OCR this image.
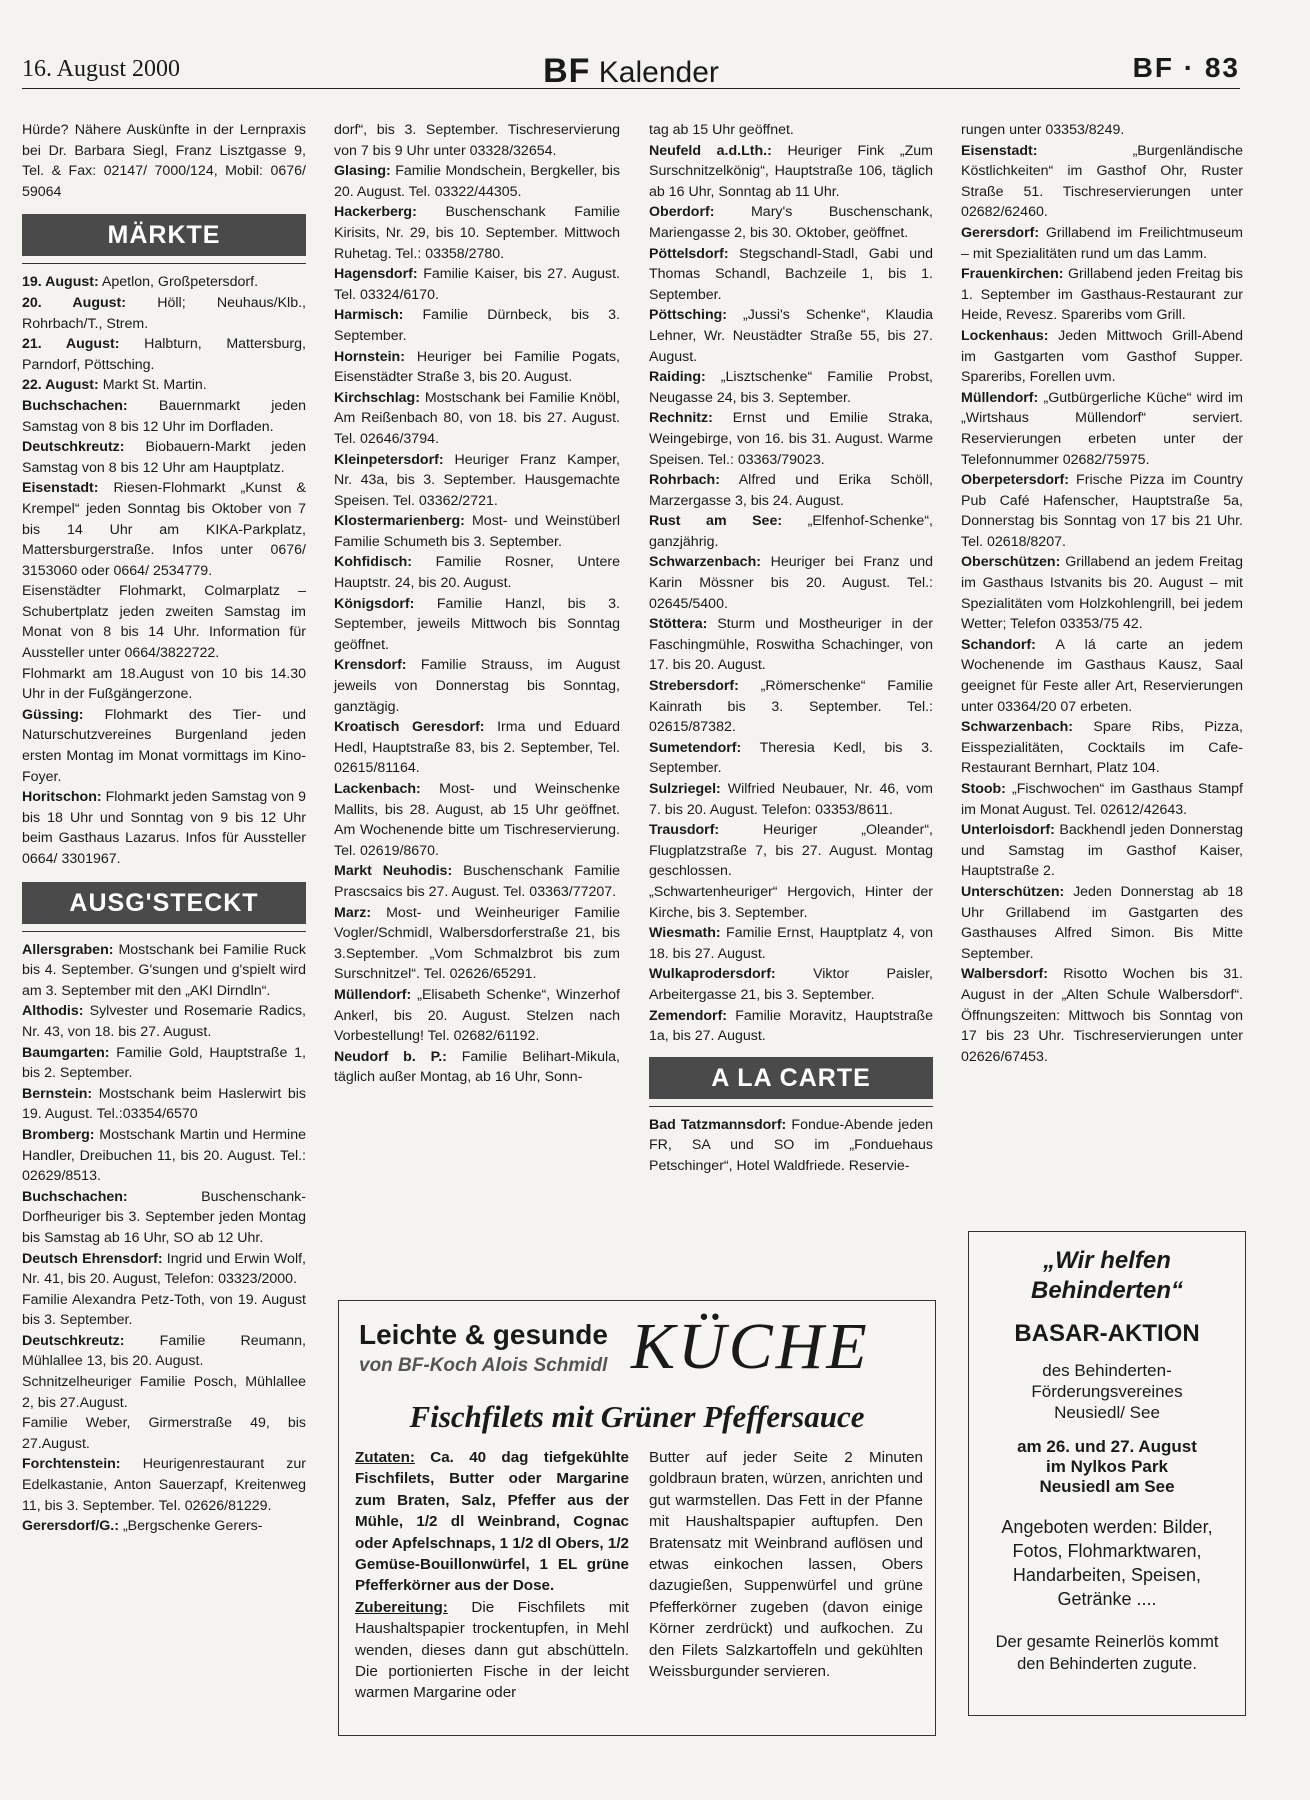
16. August 2000	BF Kalender	BF · 83

Hürde? Nähere Auskünfte in der Lernpraxis bei Dr. Barbara Siegl, Franz Lisztgasse 9, Tel. & Fax: 02147/ 7000/124, Mobil: 0676/ 59064

MÄRKTE

19. August: Apetlon, Großpetersdorf.

20. August: Höll; Neuhaus/Klb., Rohrbach/T., Strem.

21. August: Halbturn, Mattersburg, Parndorf, Pöttsching.

22. August: Markt St. Martin.

Buchschachen: Bauernmarkt jeden Samstag von 8 bis 12 Uhr im Dorfladen.

Deutschkreutz: Biobauern-Markt jeden Samstag von 8 bis 12 Uhr am Hauptplatz.

Eisenstadt: Riesen-Flohmarkt „Kunst & Krempel“ jeden Sonntag bis Oktober von 7 bis 14 Uhr am KIKA-Parkplatz, Mattersburgerstraße. Infos unter 0676/ 3153060 oder 0664/ 2534779.

Eisenstädter Flohmarkt, Colmarplatz – Schubertplatz jeden zweiten Samstag im Monat von 8 bis 14 Uhr. Information für Aussteller unter 0664/3822722.

Flohmarkt am 18.August von 10 bis 14.30 Uhr in der Fußgängerzone.

Güssing: Flohmarkt des Tier- und Naturschutzvereines Burgenland jeden ersten Montag im Monat vormittags im Kino-Foyer.

Horitschon: Flohmarkt jeden Samstag von 9 bis 18 Uhr und Sonntag von 9 bis 12 Uhr beim Gasthaus Lazarus. Infos für Aussteller 0664/ 3301967.

AUSG'STECKT

Allersgraben: Mostschank bei Familie Ruck bis 4. September. G'sungen und g'spielt wird am 3. September mit den „AKI Dirndln“.

Althodis: Sylvester und Rosemarie Radics, Nr. 43, von 18. bis 27. August.

Baumgarten: Familie Gold, Hauptstraße 1, bis 2. September.

Bernstein: Mostschank beim Haslerwirt bis 19. August. Tel.:03354/6570

Bromberg: Mostschank Martin und Hermine Handler, Dreibuchen 11, bis 20. August. Tel.: 02629/8513.

Buchschachen:	Buschenschank-Dorfheuriger bis 3. September jeden Montag bis Samstag ab 16 Uhr, SO ab 12 Uhr.

Deutsch Ehrensdorf: Ingrid und Erwin Wolf, Nr. 41, bis 20. August, Telefon: 03323/2000.

Familie Alexandra Petz-Toth, von 19. August bis 3. September.

Deutschkreutz: Familie Reumann, Mühlallee 13, bis 20. August.

Schnitzelheuriger Familie Posch, Mühlallee 2, bis 27.August.

Familie Weber, Girmerstraße 49, bis 27.August.

Forchtenstein: Heurigenrestaurant zur Edelkastanie, Anton Sauerzapf, Kreitenweg 11, bis 3. September. Tel. 02626/81229.

Gerersdorf/G.: „Bergschenke Gerers-

dorf“, bis 3. September. Tischreservierung von 7 bis 9 Uhr unter 03328/32654.

Glasing: Familie Mondschein, Bergkeller, bis 20. August. Tel. 03322/44305.

Hackerberg: Buschenschank Familie Kirisits, Nr. 29, bis 10. September. Mittwoch Ruhetag. Tel.: 03358/2780.

Hagensdorf: Familie Kaiser, bis 27. August. Tel. 03324/6170.

Harmisch: Familie Dürnbeck, bis 3. September.

Hornstein: Heuriger bei Familie Pogats, Eisenstädter Straße 3, bis 20. August.

Kirchschlag: Mostschank bei Familie Knöbl, Am Reißenbach 80, von 18. bis 27. August. Tel. 02646/3794.

Kleinpetersdorf: Heuriger Franz Kamper, Nr. 43a, bis 3. September. Hausgemachte Speisen. Tel. 03362/2721.

Klostermarienberg: Most- und Weinstüberl Familie Schumeth bis 3. September.

Kohfidisch: Familie Rosner, Untere Hauptstr. 24, bis 20. August.

Königsdorf: Familie Hanzl, bis 3. September, jeweils Mittwoch bis Sonntag geöffnet.

Krensdorf: Familie Strauss, im August jeweils von Donnerstag bis Sonntag, ganztägig.

Kroatisch Geresdorf: Irma und Eduard Hedl, Hauptstraße 83, bis 2. September, Tel. 02615/81164.

Lackenbach: Most- und Weinschenke Mallits, bis 28. August, ab 15 Uhr geöffnet. Am Wochenende bitte um Tischreservierung. Tel. 02619/8670.

Markt Neuhodis: Buschenschank Familie Prascsaics bis 27. August. Tel. 03363/77207.

Marz: Most- und Weinheuriger Familie Vogler/Schmidl, Walbersdorferstraße 21, bis 3.September. „Vom Schmalzbrot bis zum Surschnitzel“. Tel. 02626/65291.

Müllendorf: „Elisabeth Schenke“, Winzerhof Ankerl, bis 20. August. Stelzen nach Vorbestellung! Tel. 02682/61192.

Neudorf b. P.: Familie Belihart-Mikula, täglich außer Montag, ab 16 Uhr, Sonn-

tag ab 15 Uhr geöffnet.

Neufeld a.d.Lth.: Heuriger Fink „Zum Surschnitzelkönig“, Hauptstraße 106, täglich ab 16 Uhr, Sonntag ab 11 Uhr.

Oberdorf:	Mary's Buschenschank, Mariengasse 2, bis 30. Oktober, geöffnet.

Pöttelsdorf: Stegschandl-Stadl, Gabi und Thomas Schandl, Bachzeile 1, bis 1. September.

Pöttsching: „Jussi's Schenke“, Klaudia Lehner, Wr. Neustädter Straße 55, bis 27. August.

Raiding: „Lisztschenke“ Familie Probst, Neugasse 24, bis 3. September.

Rechnitz: Ernst und Emilie Straka, Weingebirge, von 16. bis 31. August. Warme Speisen. Tel.: 03363/79023.

Rohrbach: Alfred und Erika Schöll, Marzergasse 3, bis 24. August.

Rust am See: „Elfenhof-Schenke“, ganzjährig.

Schwarzenbach: Heuriger bei Franz und Karin Mössner bis 20. August. Tel.: 02645/5400.

Stöttera: Sturm und Mostheuriger in der Faschingmühle, Roswitha Schachinger, von 17. bis 20. August.

Strebersdorf: „Römerschenke“ Familie Kainrath bis 3. September. Tel.: 02615/87382.

Sumetendorf: Theresia Kedl, bis 3. September.

Sulzriegel: Wilfried Neubauer, Nr. 46, vom 7. bis 20. August. Telefon: 03353/8611.

Trausdorf:	Heuriger „Oleander“, Flugplatzstraße 7, bis 27. August. Montag geschlossen.

„Schwartenheuriger“ Hergovich, Hinter der Kirche, bis 3. September.

Wiesmath: Familie Ernst, Hauptplatz 4, von 18. bis 27. August.

Wulkaprodersdorf:	Viktor Paisler, Arbeitergasse 21, bis 3. September.

Zemendorf: Familie Moravitz, Hauptstraße 1a, bis 27. August.

A LA CARTE

Bad Tatzmannsdorf: Fondue-Abende jeden FR, SA und SO im „Fonduehaus Petschinger“, Hotel Waldfriede. Reservie-

rungen unter 03353/8249.

Eisenstadt:	„Burgenländische Köstlichkeiten“ im Gasthof Ohr, Ruster Straße 51. Tischreservierungen unter 02682/62460.

Gerersdorf: Grillabend im Freilichtmuseum – mit Spezialitäten rund um das Lamm.

Frauenkirchen: Grillabend jeden Freitag bis 1. September im Gasthaus-Restaurant zur Heide, Revesz. Spareribs vom Grill.

Lockenhaus: Jeden Mittwoch Grill-Abend im Gastgarten vom Gasthof Supper. Spareribs, Forellen uvm.

Müllendorf: „Gutbürgerliche Küche“ wird im „Wirtshaus Müllendorf“ serviert. Reservierungen erbeten unter der Telefonnummer 02682/75975.

Oberpetersdorf: Frische Pizza im Country Pub Café Hafenscher, Hauptstraße 5a, Donnerstag bis Sonntag von 17 bis 21 Uhr. Tel. 02618/8207.

Oberschützen: Grillabend an jedem Freitag im Gasthaus Istvanits bis 20. August – mit Spezialitäten vom Holzkohlengrill, bei jedem Wetter; Telefon 03353/75 42.

Schandorf: A lá carte an jedem Wochenende im Gasthaus Kausz, Saal geeignet für Feste aller Art, Reservierungen unter 03364/20 07 erbeten.

Schwarzenbach: Spare Ribs, Pizza, Eisspezialitäten, Cocktails im Cafe-Restaurant Bernhart, Platz 104.

Stoob: „Fischwochen“ im Gasthaus Stampf im Monat August. Tel. 02612/42643.

Unterloisdorf: Backhendl jeden Donnerstag und Samstag im Gasthof Kaiser, Hauptstraße 2.

Unterschützen: Jeden Donnerstag ab 18 Uhr Grillabend im Gastgarten des Gasthauses Alfred Simon. Bis Mitte September.

Walbersdorf: Risotto Wochen bis 31. August in der „Alten Schule Walbersdorf“. Öffnungszeiten: Mittwoch bis Sonntag von 17 bis 23 Uhr. Tischreservierungen unter 02626/67453.

Leichte & gesunde
von BF-Koch Alois Schmidl KÜCHE
Fischfilets mit Grüner Pfeffersauce

Zutaten: Ca. 40 dag tiefgekühlte Fischfilets, Butter oder Margarine zum Braten, Salz, Pfeffer aus der Mühle, 1/2 dl Weinbrand, Cognac oder Apfelschnaps, 1 1/2 dl Obers, 1/2 Gemüse-Bouillonwürfel, 1 EL grüne Pfefferkörner aus der Dose.

Zubereitung: Die Fischfilets mit Haushaltspapier trockentupfen, in Mehl wenden, dieses dann gut abschütteln. Die portionierten Fische in der leicht warmen Margarine oder

Butter auf jeder Seite 2 Minuten goldbraun braten, würzen, anrichten und gut warmstellen. Das Fett in der Pfanne mit Haushaltspapier auftupfen. Den Bratensatz mit Weinbrand auflösen und etwas einkochen lassen, Obers dazugießen, Suppenwürfel und grüne Pfefferkörner zugeben (davon einige Körner zerdrückt) und aufkochen. Zu den Filets Salzkartoffeln und gekühlten Weissburgunder servieren.

„Wir helfen
Behinderten“
BASAR-AKTION
des Behinderten-
Förderungsvereines
Neusiedl/ See
am 26. und 27. August
im Nylkos Park
Neusiedl am See
Angeboten werden: Bilder,
Fotos, Flohmarktwaren,
Handarbeiten, Speisen,
Getränke ....
Der gesamte Reinerlös kommt
den Behinderten zugute.
